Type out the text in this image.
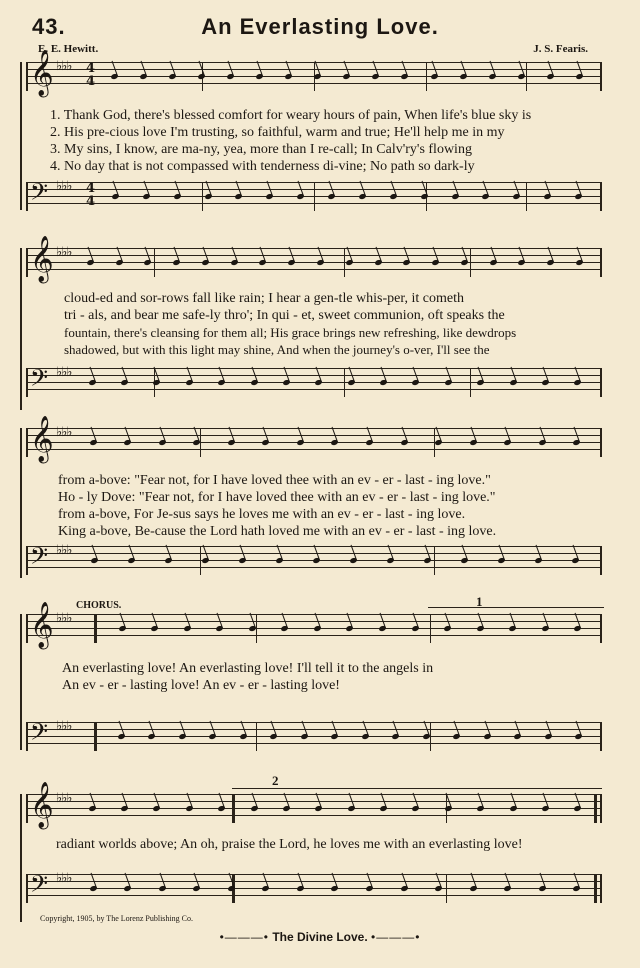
43.	An Everlasting Love.
E. E. Hewitt.	J. S. Fearis.
𝄞 ♭♭♭ 4
4
1. Thank God, there's blessed comfort for weary hours of pain, When life's blue sky is
2. His pre-cious love I'm trusting, so faithful, warm and true; He'll help me in my
3. My sins, I know, are ma-ny, yea, more than I re-call; In Calv'ry's flowing
4. No day that is not compassed with tenderness di-vine; No path so dark-ly
𝄢 ♭♭♭ 4
4
𝄞 ♭♭♭
cloud-ed and sor-rows fall like rain; I hear a gen-tle whis-per, it cometh
tri - als, and bear me safe-ly thro'; In qui - et, sweet communion, oft speaks the
fountain, there's cleansing for them all; His grace brings new refreshing, like dewdrops
shadowed, but with this light may shine, And when the journey's o-ver, I'll see the
𝄢 ♭♭♭
𝄞 ♭♭♭
from a-bove: "Fear not, for I have loved thee with an ev - er - last - ing love."
Ho - ly Dove: "Fear not, for I have loved thee with an ev - er - last - ing love."
from a-bove, For Je-sus says he loves me with an ev - er - last - ing love.
King a-bove, Be-cause the Lord hath loved me with an ev - er - last - ing love.
𝄢 ♭♭♭
CHORUS.	1
𝄞 ♭♭♭
An everlasting love! An everlasting love! I'll tell it to the angels in
An ev - er - lasting love! An ev - er - lasting love!
𝄢 ♭♭♭
2
𝄞 ♭♭♭
radiant worlds above; An oh, praise the Lord, he loves me with an everlasting love!
𝄢 ♭♭♭
Copyright, 1905, by The Lorenz Publishing Co.
•———• The Divine Love. •———•
